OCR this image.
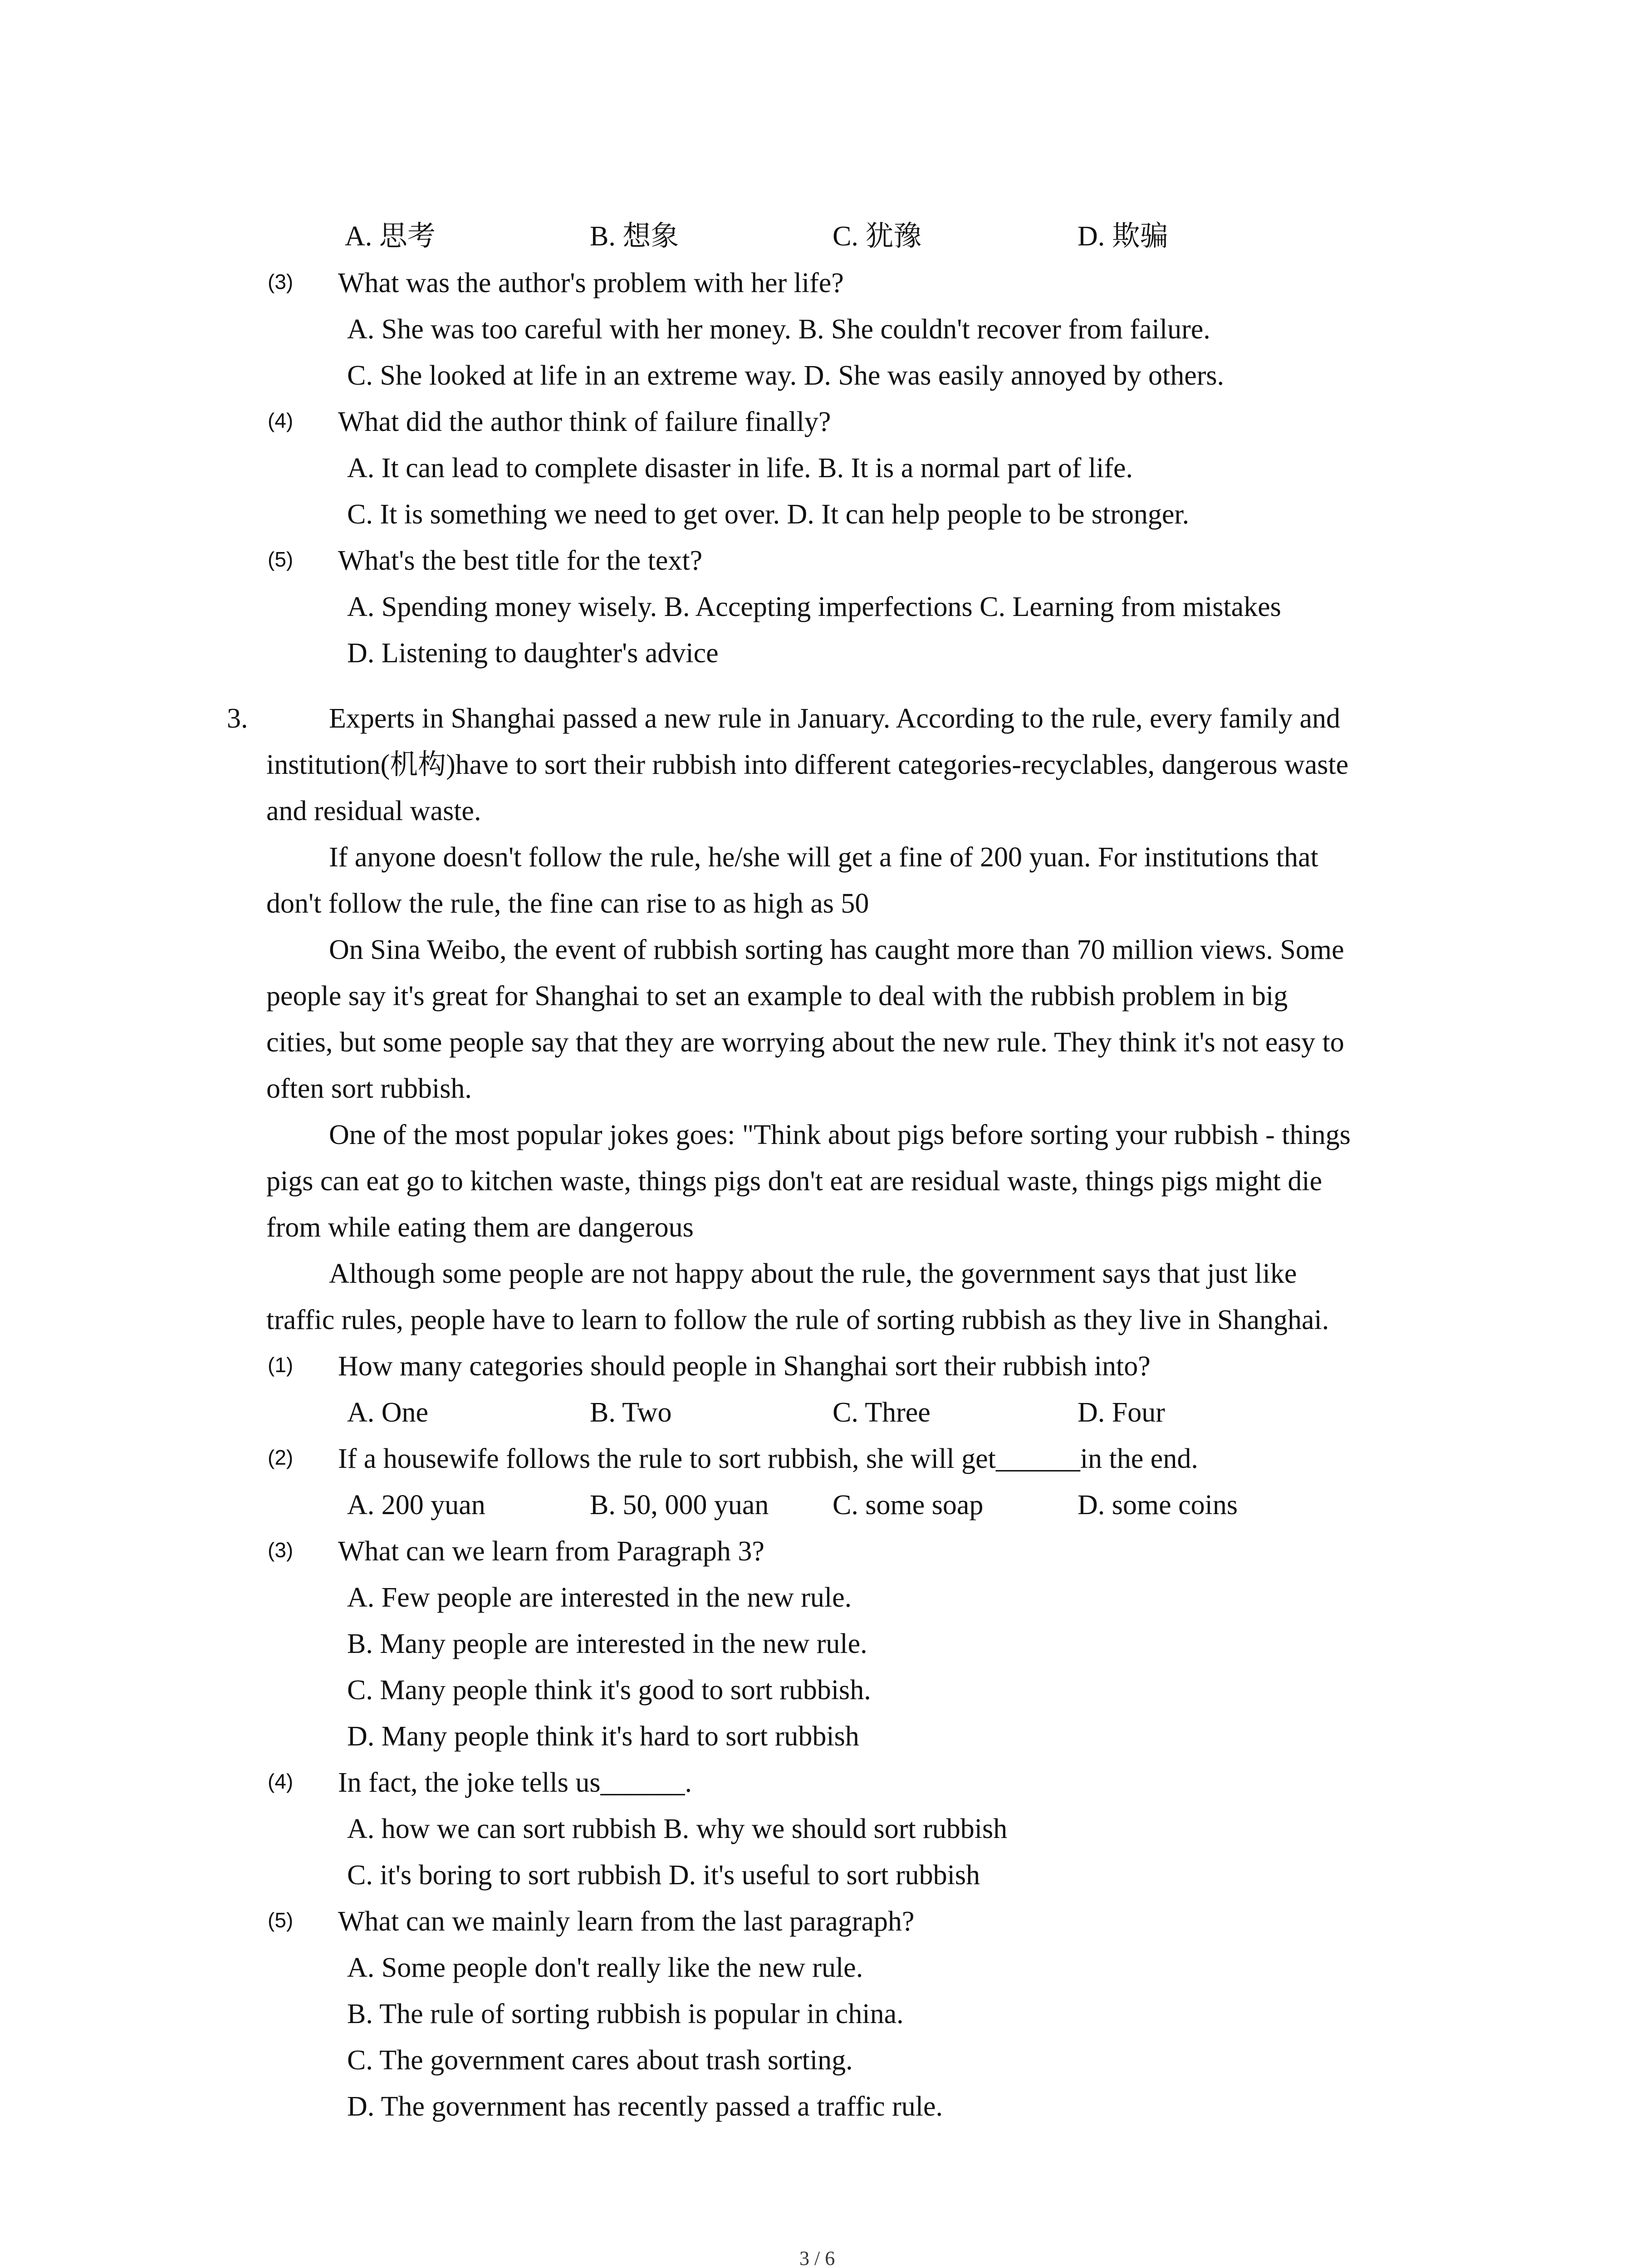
A. 思考	B. 想象	C. 犹豫	D. 欺骗
(3) What was the author's problem with her life?
A. She was too careful with her money. B. She couldn't recover from failure.
C. She looked at life in an extreme way. D. She was easily annoyed by others.
(4) What did the author think of failure finally?
A. It can lead to complete disaster in life. B. It is a normal part of life.
C. It is something we need to get over. D. It can help people to be stronger.
(5) What's the best title for the text?
A. Spending money wisely. B. Accepting imperfections C. Learning from mistakes
D. Listening to daughter's advice
3.	Experts in Shanghai passed a new rule in January. According to the rule, every family and
institution(机构)have to sort their rubbish into different categories-recyclables, dangerous waste
and residual waste.
If anyone doesn't follow the rule, he/she will get a fine of 200 yuan. For institutions that
don't follow the rule, the fine can rise to as high as 50
On Sina Weibo, the event of rubbish sorting has caught more than 70 million views. Some
people say it's great for Shanghai to set an example to deal with the rubbish problem in big
cities, but some people say that they are worrying about the new rule. They think it's not easy to
often sort rubbish.
One of the most popular jokes goes: "Think about pigs before sorting your rubbish - things
pigs can eat go to kitchen waste, things pigs don't eat are residual waste, things pigs might die
from while eating them are dangerous
Although some people are not happy about the rule, the government says that just like
traffic rules, people have to learn to follow the rule of sorting rubbish as they live in Shanghai.
(1) How many categories should people in Shanghai sort their rubbish into?
A. One	B. Two	C. Three	D. Four
(2) If a housewife follows the rule to sort rubbish, she will get______in the end.
A. 200 yuan	B. 50, 000 yuan C. some soap	D. some coins
(3) What can we learn from Paragraph 3?
A. Few people are interested in the new rule.
B. Many people are interested in the new rule.
C. Many people think it's good to sort rubbish.
D. Many people think it's hard to sort rubbish
(4) In fact, the joke tells us______.
A. how we can sort rubbish B. why we should sort rubbish
C. it's boring to sort rubbish D. it's useful to sort rubbish
(5) What can we mainly learn from the last paragraph?
A. Some people don't really like the new rule.
B. The rule of sorting rubbish is popular in china.
C. The government cares about trash sorting.
D. The government has recently passed a traffic rule.
3 / 6
